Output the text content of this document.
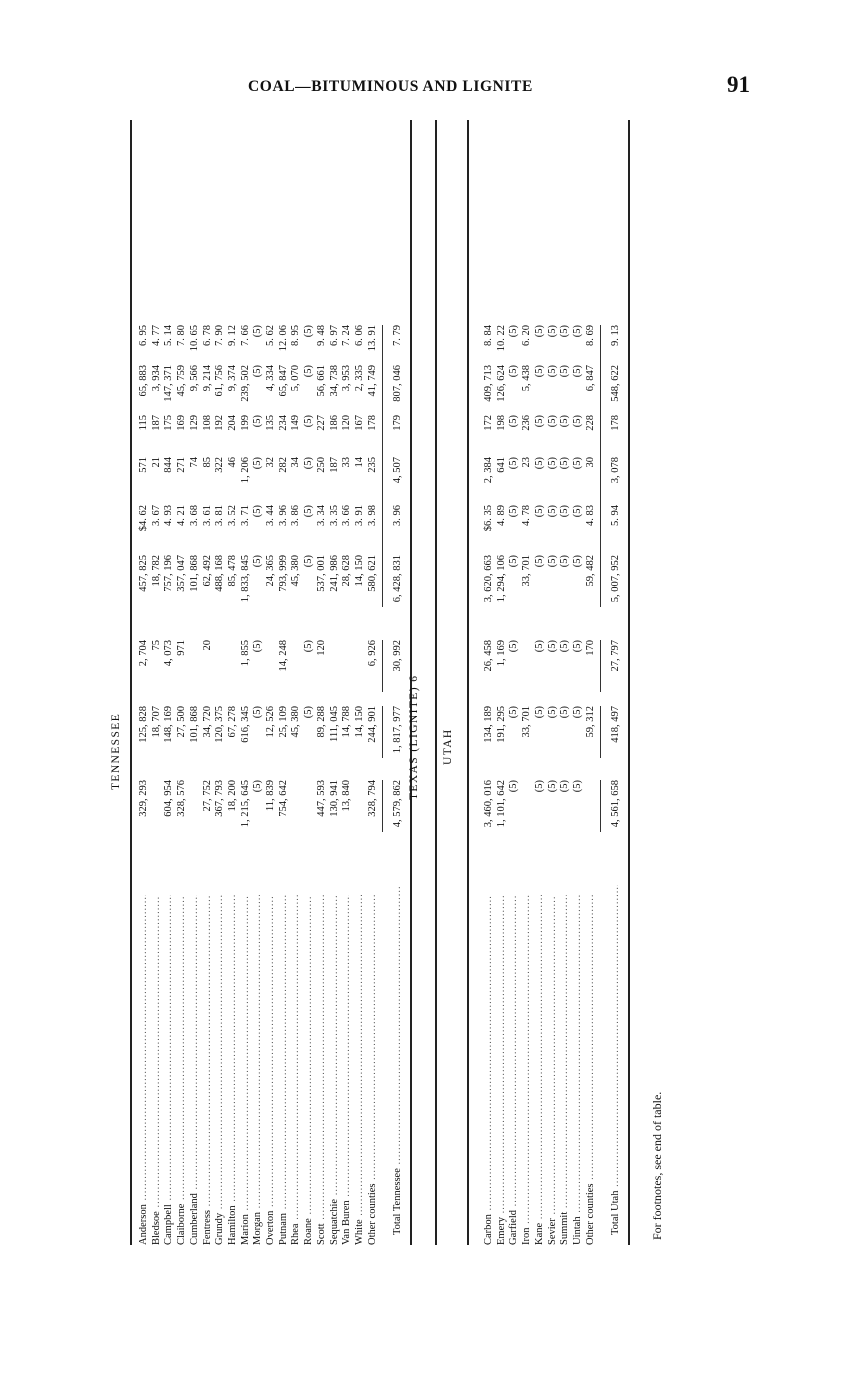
COAL—BITUMINOUS AND LIGNITE	91
TENNESSEE
Anderson .....
329, 293
125, 828
2, 704
457, 825
$4. 62
571
115
65, 883
6. 95
Bledsoe .....
18, 707
75
18, 782
3. 67
21
187
3, 934
4. 77
Campbell .....
604, 954
148, 169
4, 073
757, 196
4. 93
844
175
147, 371
5. 14
Claiborne .....
328, 576
27, 500
971
357, 047
4. 21
271
169
45, 759
7. 80
Cumberland .....
101, 868
101, 868
3. 68
74
129
9, 566
10. 65
Fentress .....
27, 752
34, 720
20
62, 492
3. 61
85
108
9, 214
6. 78
Grundy .....
367, 793
120, 375
488, 168
3. 81
322
192
61, 756
7. 90
Hamilton .....
18, 200
67, 278
85, 478
3. 52
46
204
9, 374
9. 12
Marion .....
1, 215, 645
616, 345
1, 855
1, 833, 845
3. 71
1, 206
199
239, 502
7. 66
Morgan .....
(5)
(5)
(5)
(5)
(5)
(5)
(5)
(5)
(5)
Overton .....
11, 839
12, 526
24, 365
3. 44
32
135
4, 334
5. 62
Putnam .....
754, 642
25, 109
14, 248
793, 999
3. 96
282
234
65, 847
12. 06
Rhea .....
45, 380
45, 380
3. 86
34
149
5, 070
8. 95
Roane .....
(5)
(5)
(5)
(5)
(5)
(5)
(5)
(5)
Scott .....
447, 593
89, 288
120
537, 001
3. 34
250
227
56, 661
9. 48
Sequatchie .....
130, 941
111, 045
241, 986
3. 35
187
186
34, 738
6. 97
Van Buren .....
13, 840
14, 788
28, 628
3. 66
33
120
3, 953
7. 24
White .....
14, 150
14, 150
3. 91
14
167
2, 335
6. 06
Other counties .....
328, 794
244, 901
6, 926
580, 621
3. 98
235
178
41, 749
13. 91
Total Tennessee .....
4, 579, 862
1, 817, 977
30, 992
6, 428, 831
3. 96
4, 507
179
807, 046
7. 79
TEXAS (LIGNITE) 6 UTAH
Carbon .....
3, 460, 016
134, 189
26, 458
3, 620, 663
$6. 35
2, 384
172
409, 713
8. 84
Emery .....
1, 101, 642
191, 295
1, 169
1, 294, 106
4. 89
641
198
126, 624
10. 22
Garfield .....
(5)
(5)
(5)
(5)
(5)
(5)
(5)
(5)
(5)
Iron .....
33, 701
33, 701
4. 78
23
236
5, 438
6. 20
Kane .....
(5)
(5)
(5)
(5)
(5)
(5)
(5)
(5)
(5)
Sevier .....
(5)
(5)
(5)
(5)
(5)
(5)
(5)
(5)
(5)
Summit .....
(5)
(5)
(5)
(5)
(5)
(5)
(5)
(5)
(5)
Uintah .....
(5)
(5)
(5)
(5)
(5)
(5)
(5)
(5)
(5)
Other counties .....
59, 312
170
59, 482
4. 83
30
228
6, 847
8. 69
Total Utah .....
4, 561, 658
418, 497
27, 797
5, 007, 952
5. 94
3, 078
178
548, 622
9. 13
For footnotes, see end of table.
